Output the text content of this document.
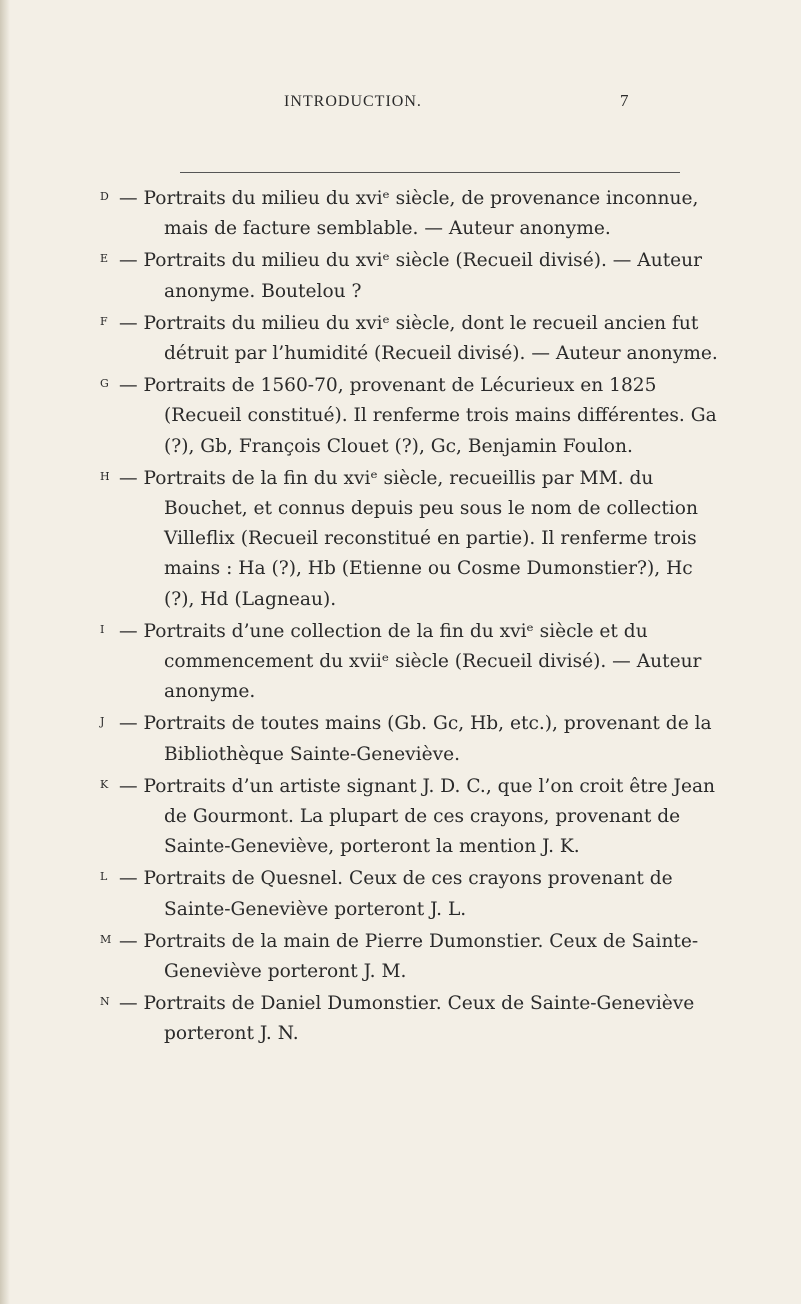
INTRODUCTION.	7

D — Portraits du milieu du xviᵉ siècle, de provenance inconnue, mais de facture semblable. — Auteur anonyme.

E — Portraits du milieu du xviᵉ siècle (Recueil divisé). — Auteur anonyme. Boutelou ?

F — Portraits du milieu du xviᵉ siècle, dont le recueil ancien fut détruit par l’humidité (Recueil divisé). — Auteur anonyme.

G — Portraits de 1560-70, provenant de Lécurieux en 1825 (Recueil constitué). Il renferme trois mains différentes. Ga (?), Gb, François Clouet (?), Gc, Benjamin Foulon.

H — Portraits de la fin du xviᵉ siècle, recueillis par MM. du Bouchet, et connus depuis peu sous le nom de collection Villeflix (Recueil reconstitué en partie). Il renferme trois mains : Ha (?), Hb (Etienne ou Cosme Dumonstier?), Hc (?), Hd (Lagneau).

I — Portraits d’une collection de la fin du xviᵉ siècle et du commencement du xviiᵉ siècle (Recueil divisé). — Auteur anonyme.

J — Portraits de toutes mains (Gb. Gc, Hb, etc.), provenant de la Bibliothèque Sainte-Geneviève.

K — Portraits d’un artiste signant J. D. C., que l’on croit être Jean de Gourmont. La plupart de ces crayons, provenant de Sainte-Geneviève, porteront la mention J. K.

L — Portraits de Quesnel. Ceux de ces crayons provenant de Sainte-Geneviève porteront J. L.

M — Portraits de la main de Pierre Dumonstier. Ceux de Sainte-Geneviève porteront J. M.

N — Portraits de Daniel Dumonstier. Ceux de Sainte-Geneviève porteront J. N.
